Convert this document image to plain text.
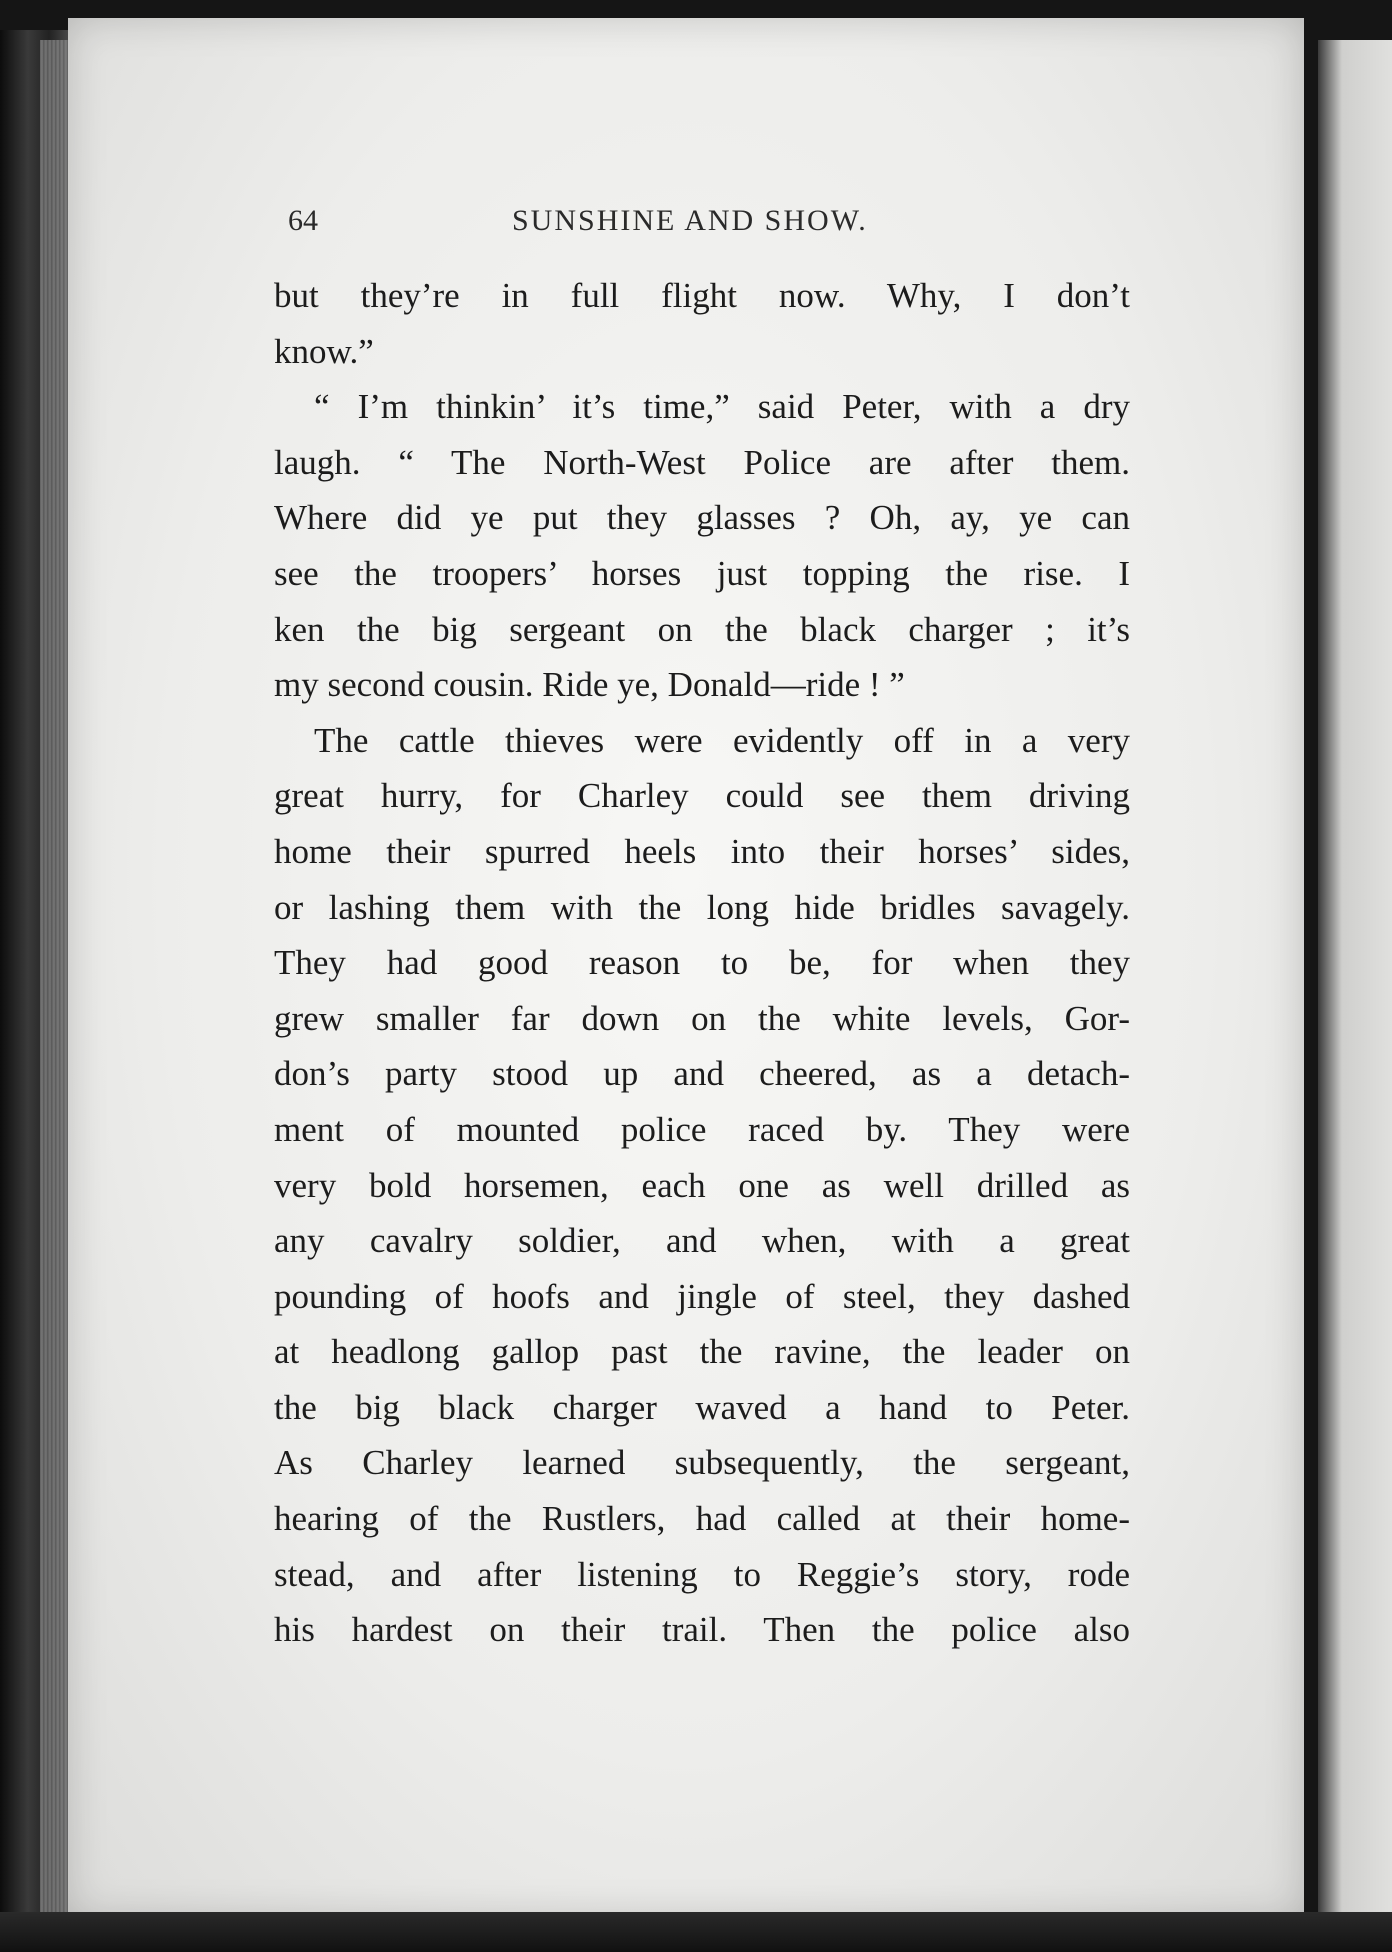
64	SUNSHINE AND SHOW.
but they’re in full flight now. Why, I don’t
know.”
“ I’m thinkin’ it’s time,” said Peter, with a dry
laugh. “ The North-West Police are after them.
Where did ye put they glasses ? Oh, ay, ye can
see the troopers’ horses just topping the rise. I
ken the big sergeant on the black charger ; it’s
my second cousin. Ride ye, Donald—ride ! ”
The cattle thieves were evidently off in a very
great hurry, for Charley could see them driving
home their spurred heels into their horses’ sides,
or lashing them with the long hide bridles savagely.
They had good reason to be, for when they
grew smaller far down on the white levels, Gor-
don’s party stood up and cheered, as a detach-
ment of mounted police raced by. They were
very bold horsemen, each one as well drilled as
any cavalry soldier, and when, with a great
pounding of hoofs and jingle of steel, they dashed
at headlong gallop past the ravine, the leader on
the big black charger waved a hand to Peter.
As Charley learned subsequently, the sergeant,
hearing of the Rustlers, had called at their home-
stead, and after listening to Reggie’s story, rode
his hardest on their trail. Then the police also
